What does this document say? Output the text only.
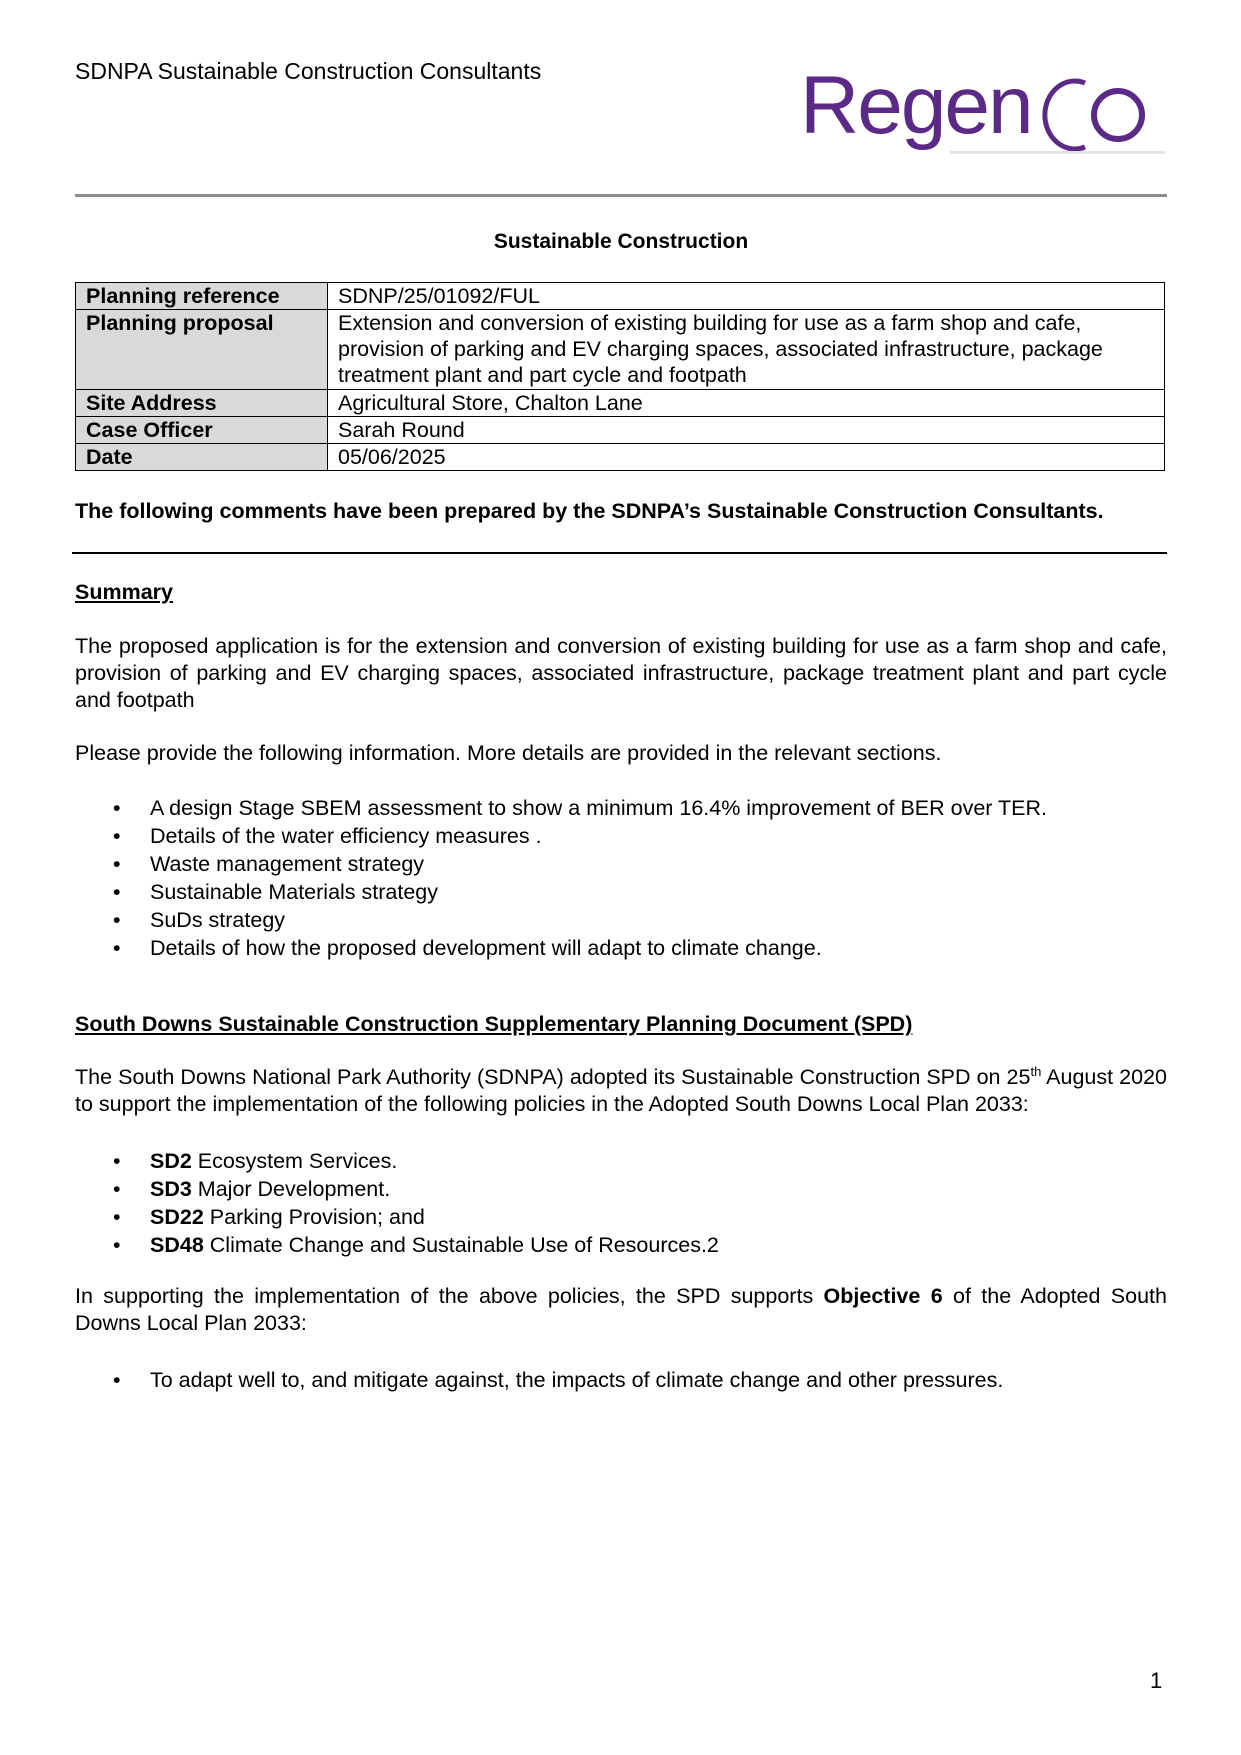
SDNPA Sustainable Construction Consultants	Regen
Sustainable Construction
Planning reference	SDNP/25/01092/FUL
Planning proposal	Extension and conversion of existing building for use as a farm shop and cafe, provision of parking and EV charging spaces, associated infrastructure, package treatment plant and part cycle and footpath
Site Address	Agricultural Store, Chalton Lane
Case Officer	Sarah Round
Date	05/06/2025
The following comments have been prepared by the SDNPA’s Sustainable Construction Consultants.
Summary
The proposed application is for the extension and conversion of existing building for use as a farm shop and cafe, provision of parking and EV charging spaces, associated infrastructure, package treatment plant and part cycle and footpath
Please provide the following information. More details are provided in the relevant sections.
• A design Stage SBEM assessment to show a minimum 16.4% improvement of BER over TER.
• Details of the water efficiency measures .
• Waste management strategy
• Sustainable Materials strategy
• SuDs strategy
• Details of how the proposed development will adapt to climate change.
South Downs Sustainable Construction Supplementary Planning Document (SPD)
The South Downs National Park Authority (SDNPA) adopted its Sustainable Construction SPD on 25th August 2020 to support the implementation of the following policies in the Adopted South Downs Local Plan 2033:
• SD2 Ecosystem Services.
• SD3 Major Development.
• SD22 Parking Provision; and
• SD48 Climate Change and Sustainable Use of Resources.2
In supporting the implementation of the above policies, the SPD supports Objective 6 of the Adopted South Downs Local Plan 2033:
• To adapt well to, and mitigate against, the impacts of climate change and other pressures.
1
